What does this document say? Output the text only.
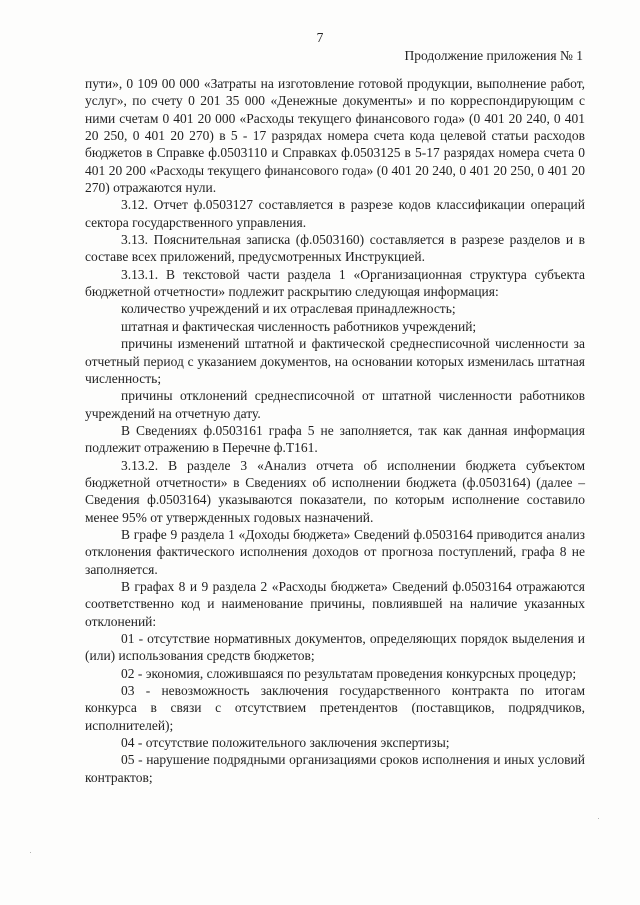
7
Продолжение приложения № 1

пути», 0 109 00 000 «Затраты на изготовление готовой продукции, выполнение работ, услуг», по счету 0 201 35 000 «Денежные документы» и по корреспондирующим с ними счетам 0 401 20 000 «Расходы текущего финансового года» (0 401 20 240, 0 401 20 250, 0 401 20 270) в 5 - 17 разрядах номера счета кода целевой статьи расходов бюджетов в Справке ф.0503110 и Справках ф.0503125 в 5-17 разрядах номера счета 0 401 20 200 «Расходы текущего финансового года» (0 401 20 240, 0 401 20 250, 0 401 20 270) отражаются нули.

3.12. Отчет ф.0503127 составляется в разрезе кодов классификации операций сектора государственного управления.

3.13. Пояснительная записка (ф.0503160) составляется в разрезе разделов и в составе всех приложений, предусмотренных Инструкцией.

3.13.1. В текстовой части раздела 1 «Организационная структура субъекта бюджетной отчетности» подлежит раскрытию следующая информация:

количество учреждений и их отраслевая принадлежность;

штатная и фактическая численность работников учреждений;

причины изменений штатной и фактической среднесписочной численности за отчетный период с указанием документов, на основании которых изменилась штатная численность;

причины отклонений среднесписочной от штатной численности работников учреждений на отчетную дату.

В Сведениях ф.0503161 графа 5 не заполняется, так как данная информация подлежит отражению в Перечне ф.Т161.

3.13.2. В разделе 3 «Анализ отчета об исполнении бюджета субъектом бюджетной отчетности» в Сведениях об исполнении бюджета (ф.0503164) (далее – Сведения ф.0503164) указываются показатели, по которым исполнение составило менее 95% от утвержденных годовых назначений.

В графе 9 раздела 1 «Доходы бюджета» Сведений ф.0503164 приводится анализ отклонения фактического исполнения доходов от прогноза поступлений, графа 8 не заполняется.

В графах 8 и 9 раздела 2 «Расходы бюджета» Сведений ф.0503164 отражаются соответственно код и наименование причины, повлиявшей на наличие указанных отклонений:

01 - отсутствие нормативных документов, определяющих порядок выделения и (или) использования средств бюджетов;

02 - экономия, сложившаяся по результатам проведения конкурсных процедур;

03 - невозможность заключения государственного контракта по итогам конкурса в связи с отсутствием претендентов (поставщиков, подрядчиков, исполнителей);

04 - отсутствие положительного заключения экспертизы;

05 - нарушение подрядными организациями сроков исполнения и иных условий контрактов;
